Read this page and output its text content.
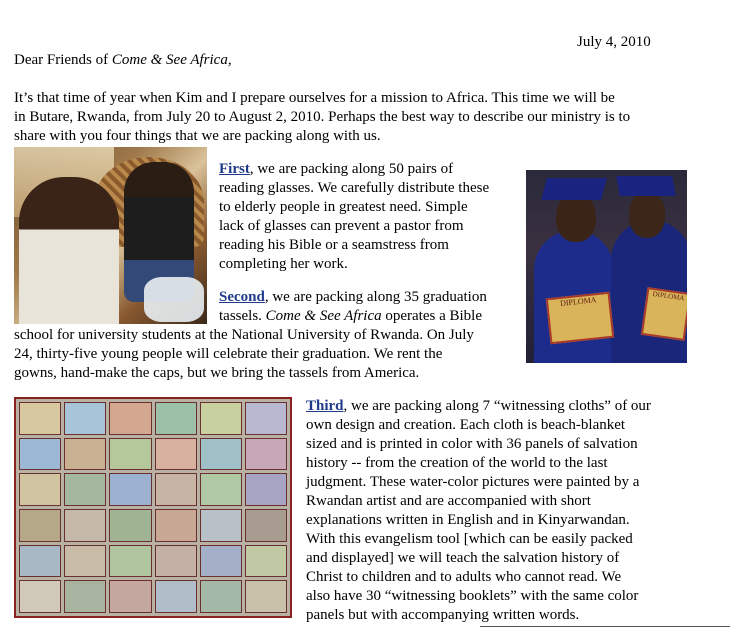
July 4, 2010
Dear Friends of Come & See Africa,
It’s that time of year when Kim and I prepare ourselves for a mission to Africa. This time we will be
in Butare, Rwanda, from July 20 to August 2, 2010. Perhaps the best way to describe our ministry is to
share with you four things that we are packing along with us.
First, we are packing along 50 pairs of
reading glasses. We carefully distribute these
to elderly people in greatest need. Simple
lack of glasses can prevent a pastor from
reading his Bible or a seamstress from
completing her work.
DIPLOMA	DIPLOMA
Second, we are packing along 35 graduation
tassels. Come & See Africa operates a Bible
school for university students at the National University of Rwanda. On July
24, thirty-five young people will celebrate their graduation. We rent the
gowns, hand-make the caps, but we bring the tassels from America.
Third, we are packing along 7 “witnessing cloths” of our
own design and creation. Each cloth is beach-blanket
sized and is printed in color with 36 panels of salvation
history -- from the creation of the world to the last
judgment. These water-color pictures were painted by a
Rwandan artist and are accompanied with short
explanations written in English and in Kinyarwandan.
With this evangelism tool [which can be easily packed
and displayed] we will teach the salvation history of
Christ to children and to adults who cannot read. We
also have 30 “witnessing booklets” with the same color
panels but with accompanying written words.
